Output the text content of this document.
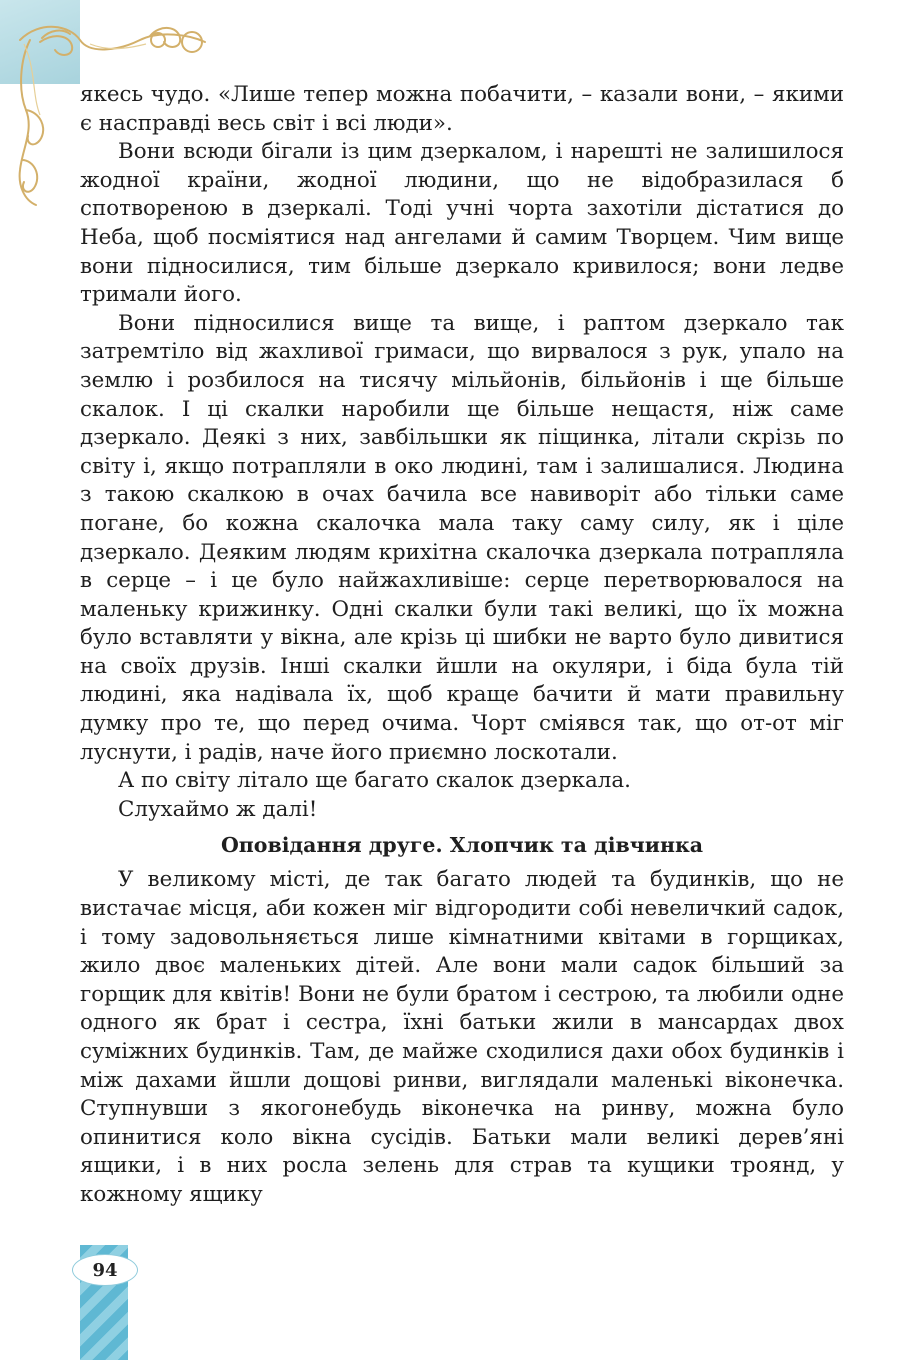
якесь чудо. «Лише тепер можна побачити, – казали вони, – якими є насправді весь світ і всі люди».

Вони всюди бігали із цим дзеркалом, і нарешті не залишилося жодної країни, жодної людини, що не відобразилася б спотвореною в дзеркалі. Тоді учні чорта захотіли дістатися до Неба, щоб посміятися над ангелами й самим Творцем. Чим вище вони підносилися, тим більше дзеркало кривилося; вони ледве тримали його.

Вони підносилися вище та вище, і раптом дзеркало так затремтіло від жахливої гримаси, що вирвалося з рук, упало на землю і розбилося на тисячу мільйонів, більйонів і ще більше скалок. І ці скалки наробили ще більше нещастя, ніж саме дзеркало. Деякі з них, завбільшки як піщинка, літали скрізь по світу і, якщо потрапляли в око людині, там і залишалися. Людина з такою скалкою в очах бачила все навиворіт або тільки саме погане, бо кожна скалочка мала таку саму силу, як і ціле дзеркало. Деяким людям крихітна скалочка дзеркала потрапляла в серце – і це було найжахливіше: серце перетворювалося на маленьку крижинку. Одні скалки були такі великі, що їх можна було вставляти у вікна, але крізь ці шибки не варто було дивитися на своїх друзів. Інші скалки йшли на окуляри, і біда була тій людині, яка надівала їх, щоб краще бачити й мати правильну думку про те, що перед очима. Чорт сміявся так, що от-от міг луснути, і радів, наче його приємно лоскотали.

А по світу літало ще багато скалок дзеркала.

Слухаймо ж далі!

Оповідання друге. Хлопчик та дівчинка

У великому місті, де так багато людей та будинків, що не вистачає місця, аби кожен міг відгородити собі невеличкий садок, і тому задовольняється лише кімнатними квітами в горщиках, жило двоє маленьких дітей. Але вони мали садок більший за горщик для квітів! Вони не були братом і сестрою, та любили одне одного як брат і сестра, їхні батьки жили в мансардах двох суміжних будинків. Там, де майже сходилися дахи обох будинків і між дахами йшли дощові ринви, виглядали маленькі віконечка. Ступнувши з якогонебудь віконечка на ринву, можна було опинитися коло вікна сусідів. Батьки мали великі дерев’яні ящики, і в них росла зелень для страв та кущики троянд, у кожному ящику

94
